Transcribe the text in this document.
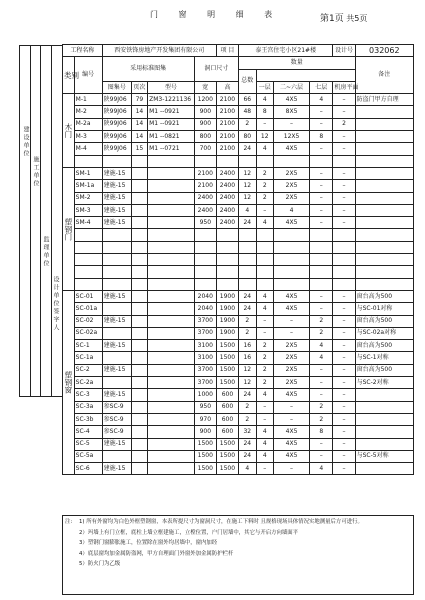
门 窗 明 细 表	第1页 共5页
建设单位
施工单位
监理单位
设计单位签字人
工程名称		西安铁锋房地产开发集团有限公司				项 目	泰王宫住宅小区21#楼				设计号	032062
类别	编号	采用标准图集			洞口尺寸		数量					备注
							总数					
		图集号	页次	型号	宽	高		一层	二~六层	七层	机房平面	
木门	M-1	陕99J06	79	ZM3-1221136	1200	2100	66	4	4X5	4	–	防盗门甲方自理
	M-2	陕99J06	14	M1 --0921	900	2100	48	8	8X5	–	–	
	M-2a	陕99J06	14	M1 --0921	900	2100	2	–	–	–	2	
	M-3	陕99J06	14	M1 --0821	800	2100	80	12	12X5	8	–	
	M-4	陕99J06	15	M1 --0721	700	2100	24	4	4X5	–	–	

塑钢门	SM-1	建施-15			2100	2400	12	2	2X5	–	–	
	SM-1a	建施-15			2100	2400	12	2	2X5	–	–	
	SM-2	建施-15			2400	2400	12	2	2X5	–	–	
	SM-3	建施-15			2400	2400	4	–	4	–	–	
	SM-4	建施-15			950	2400	24	4	4X5	–	–	

塑钢窗	SC-01	建施-15			2040	1900	24	4	4X5	–	–	窗台高为500
	SC-01a				2040	1900	24	4	4X5	–	–	与SC-01对称
	SC-02	建施-15			3700	1900	2	–	–	2	–	窗台高为500
	SC-02a				3700	1900	2	–	–	2	–	与SC-02a对称
	SC-1	建施-15			3100	1500	16	2	2X5	4	–	窗台高为500
	SC-1a				3100	1500	16	2	2X5	4	–	与SC-1对称
	SC-2	建施-15			3700	1500	12	2	2X5	–	–	窗台高为500
	SC-2a				3700	1500	12	2	2X5	–	–	与SC-2对称
	SC-3	建施-15			1000	600	24	4	4X5	–	–	
	SC-3a	参SC-9			950	600	2	–	–	2	–	
	SC-3b	参SC-9			970	600	2	–	–	2	–	
	SC-4	参SC-9			900	600	32	4	4X5	8	–	
	SC-5	建施-15			1500	1500	24	4	4X5	–	–	
	SC-5a				1500	1500	24	4	4X5	–	–	与SC-5对称
	SC-6	建施-15			1500	1500	4	–	–	4	–	
注: 1) 所有外窗均为白色外框塑钢窗，本表所提尺寸为窗洞尺寸，在施工下料时 且规格现场具体情况实地测量后方可进行。
2）玛墙上有门立框，底柱上墙立框建施工，立樘位置，户门居墙中，其它与开启方向墙面平
3）塑钢门窗膨胀施工，位置除在窗外均居墙中，窗内加经
4）底层窗均加金属防盗网，甲方自理面门外窗外加金属防护栏杆
5）防火门为乙级
